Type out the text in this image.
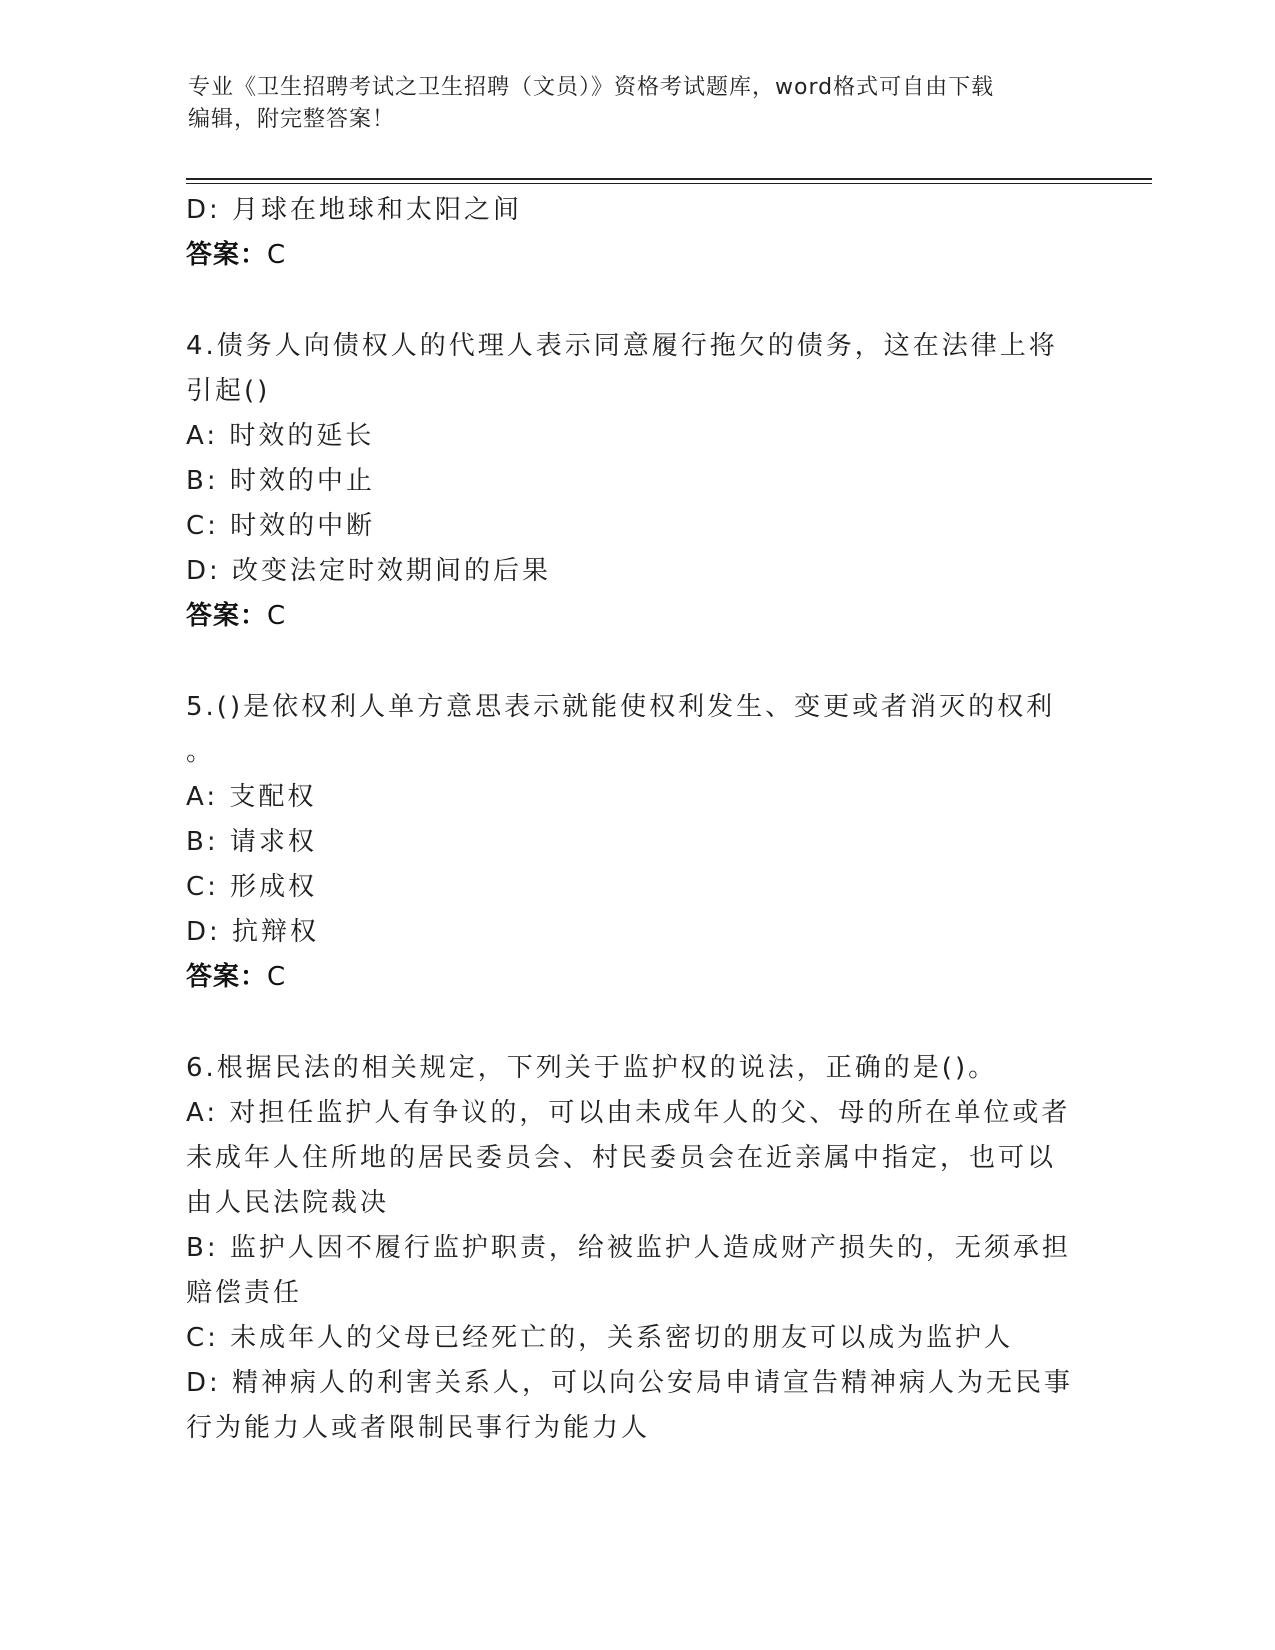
专业《卫生招聘考试之卫生招聘（文员）》资格考试题库，word格式可自由下载
编辑，附完整答案！
D: 月球在地球和太阳之间
答案：C
4.债务人向债权人的代理人表示同意履行拖欠的债务，这在法律上将
引起()
A: 时效的延长
B: 时效的中止
C: 时效的中断
D: 改变法定时效期间的后果
答案：C
5.()是依权利人单方意思表示就能使权利发生、变更或者消灭的权利
。
A: 支配权
B: 请求权
C: 形成权
D: 抗辩权
答案：C
6.根据民法的相关规定，下列关于监护权的说法，正确的是()。
A: 对担任监护人有争议的，可以由未成年人的父、母的所在单位或者
未成年人住所地的居民委员会、村民委员会在近亲属中指定，也可以
由人民法院裁决
B: 监护人因不履行监护职责，给被监护人造成财产损失的，无须承担
赔偿责任
C: 未成年人的父母已经死亡的，关系密切的朋友可以成为监护人
D: 精神病人的利害关系人，可以向公安局申请宣告精神病人为无民事
行为能力人或者限制民事行为能力人
